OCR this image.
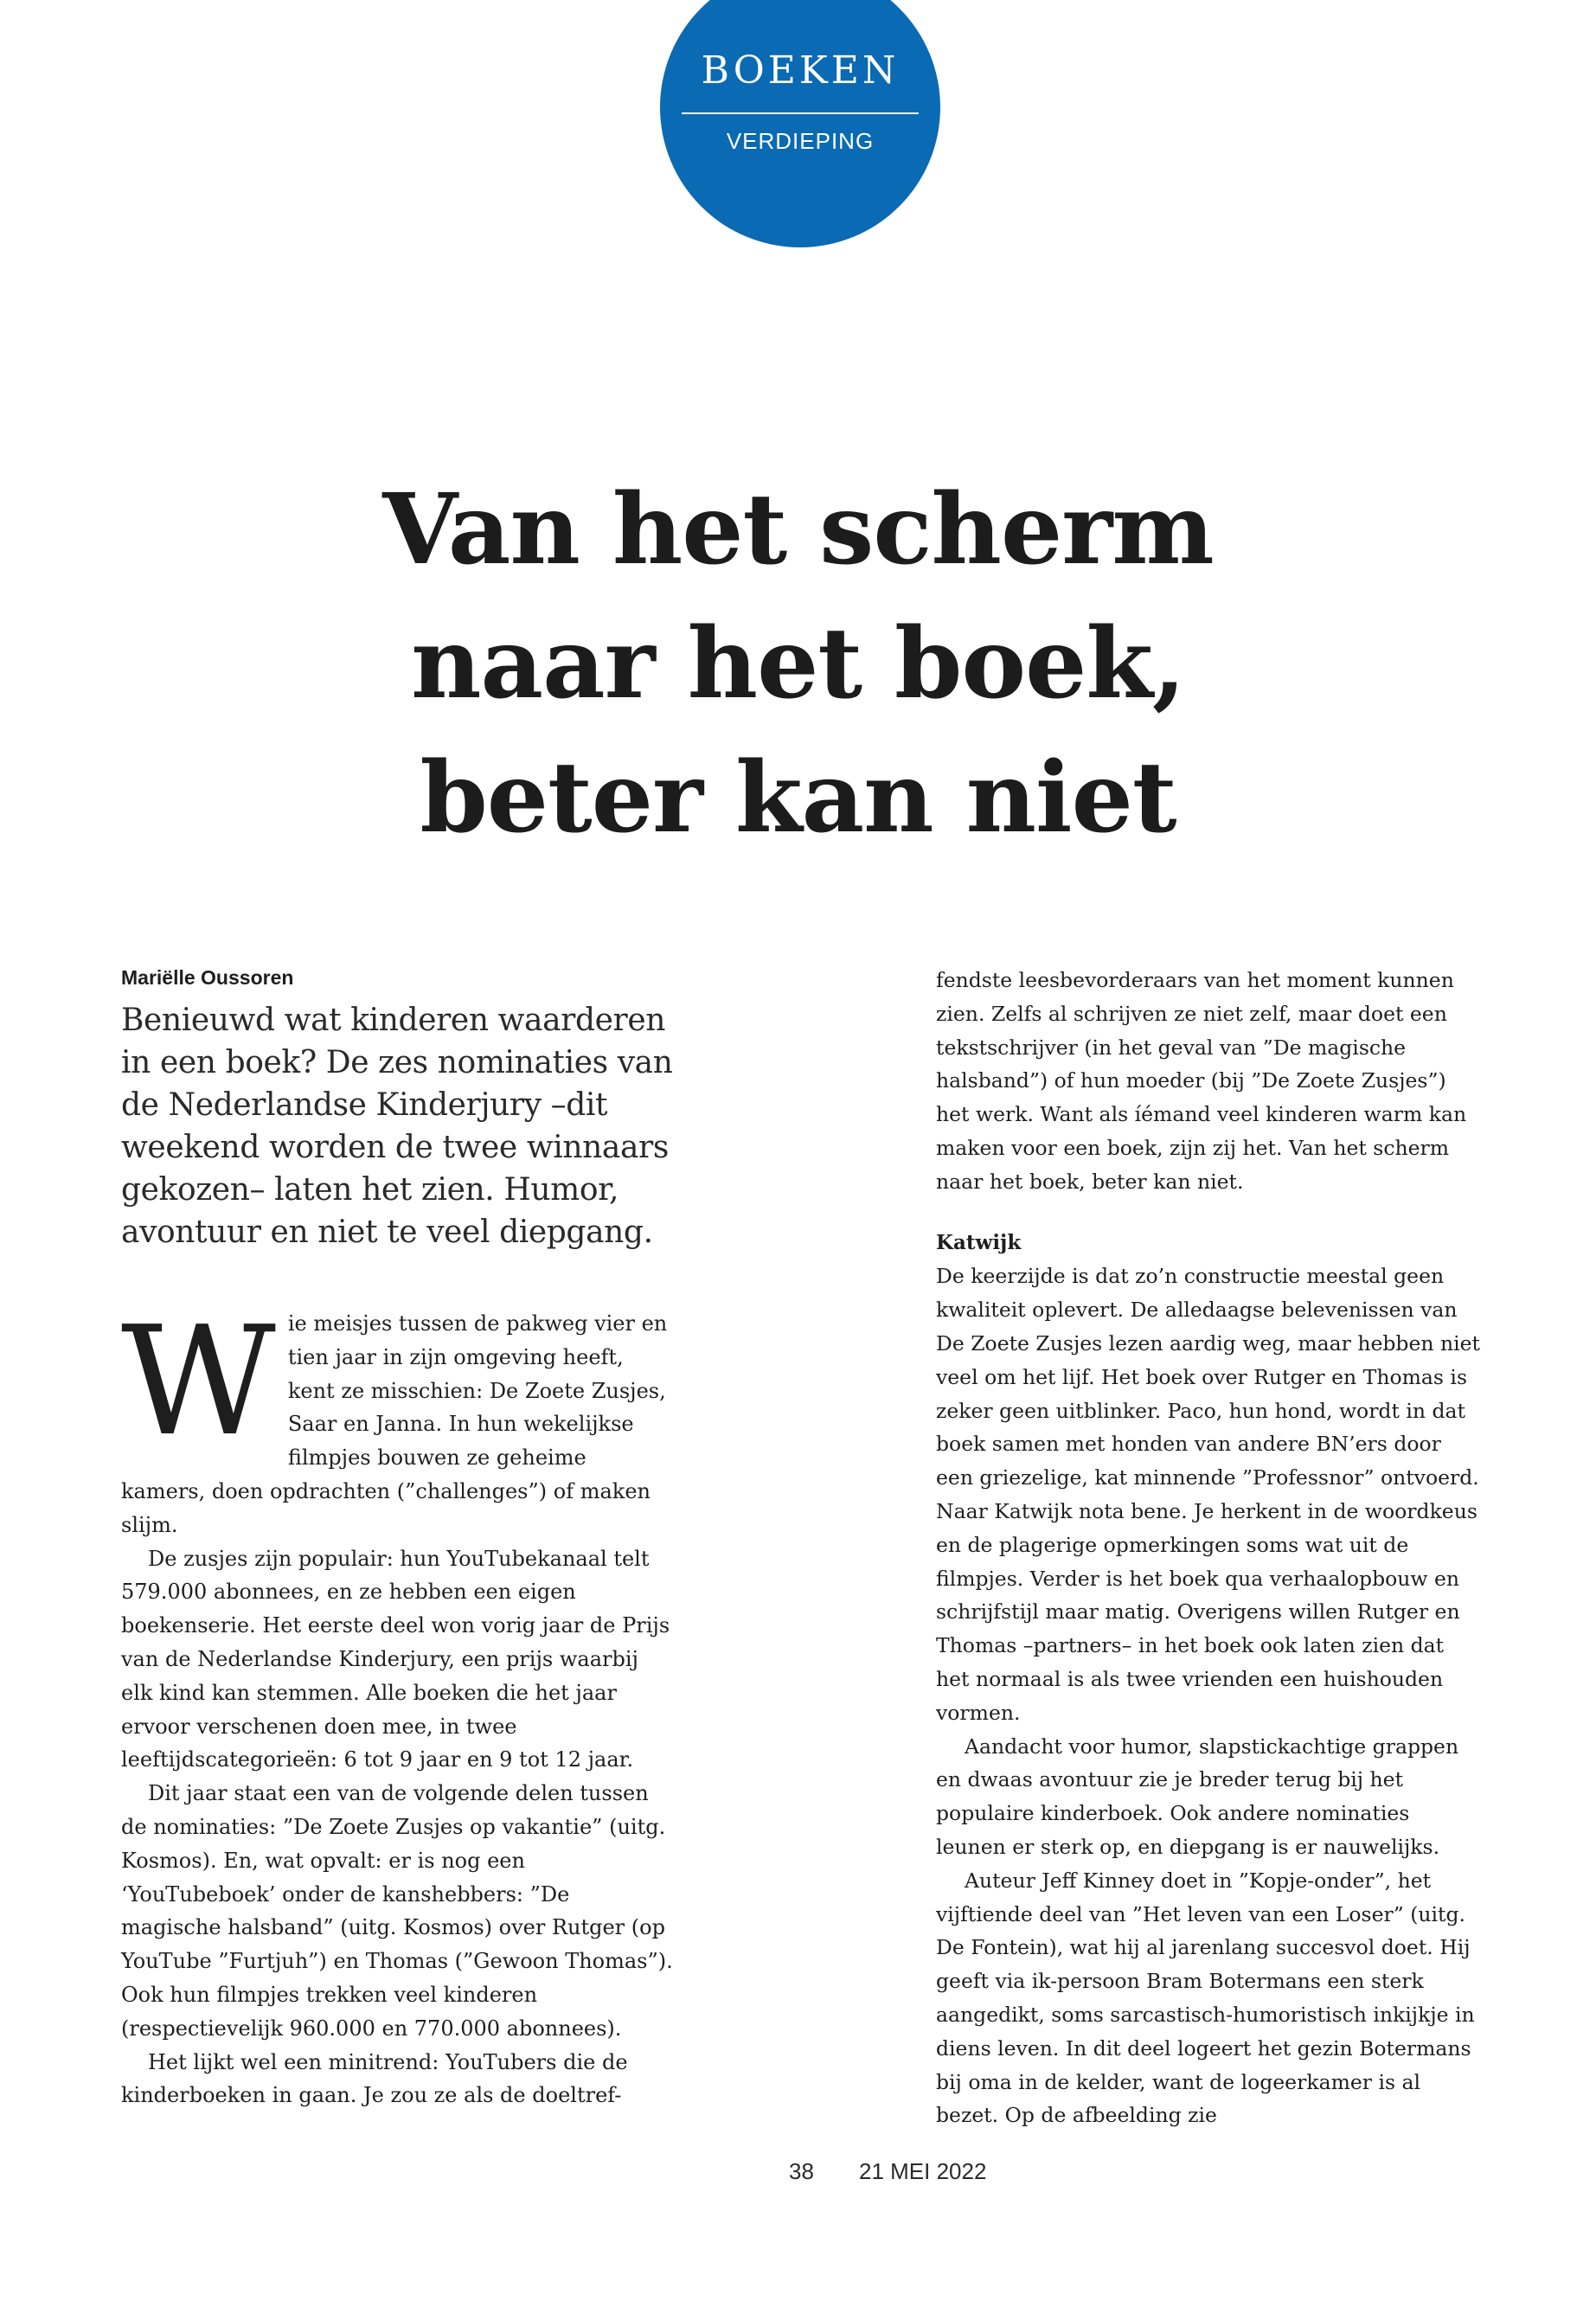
BOEKEN
VERDIEPING
Van het scherm
naar het boek,
beter kan niet
Mariëlle Oussoren
Benieuwd wat kinderen waarderen in een boek? De zes nominaties van de Nederlandse Kinderjury –dit weekend worden de twee winnaars gekozen– laten het zien. Humor, avontuur en niet te veel diepgang.
W ie meisjes tussen de pakweg vier en tien jaar in zijn omgeving heeft, kent ze misschien: De Zoete Zusjes, Saar en Janna. In hun wekelijkse filmpjes bouwen ze geheime kamers, doen opdrachten (”challenges”) of maken slijm.

De zusjes zijn populair: hun YouTubekanaal telt 579.000 abonnees, en ze hebben een eigen boekenserie. Het eerste deel won vorig jaar de Prijs van de Nederlandse Kinderjury, een prijs waarbij elk kind kan stemmen. Alle boeken die het jaar ervoor verschenen doen mee, in twee leeftijdscategorieën: 6 tot 9 jaar en 9 tot 12 jaar.

Dit jaar staat een van de volgende delen tussen de nominaties: ”De Zoete Zusjes op vakantie” (uitg. Kosmos). En, wat opvalt: er is nog een ‘YouTubeboek’ onder de kanshebbers: ”De magische halsband” (uitg. Kosmos) over Rutger (op YouTube ”Furtjuh”) en Thomas (”Gewoon Thomas”). Ook hun filmpjes trekken veel kinderen (respectievelijk 960.000 en 770.000 abonnees).

Het lijkt wel een minitrend: YouTubers die de kinderboeken in gaan. Je zou ze als de doeltref-

fendste leesbevorderaars van het moment kunnen zien. Zelfs al schrijven ze niet zelf, maar doet een tekstschrijver (in het geval van ”De magische halsband”) of hun moeder (bij ”De Zoete Zusjes”) het werk. Want als íémand veel kinderen warm kan maken voor een boek, zijn zij het. Van het scherm naar het boek, beter kan niet.

Katwijk

De keerzijde is dat zo’n constructie meestal geen kwaliteit oplevert. De alledaagse belevenissen van De Zoete Zusjes lezen aardig weg, maar hebben niet veel om het lijf. Het boek over Rutger en Thomas is zeker geen uitblinker. Paco, hun hond, wordt in dat boek samen met honden van andere BN’ers door een griezelige, kat minnende ”Professnor” ontvoerd. Naar Katwijk nota bene. Je herkent in de woordkeus en de plagerige opmerkingen soms wat uit de filmpjes. Verder is het boek qua verhaalopbouw en schrijfstijl maar matig. Overigens willen Rutger en Thomas –partners– in het boek ook laten zien dat het normaal is als twee vrienden een huishouden vormen.

Aandacht voor humor, slapstickachtige grappen en dwaas avontuur zie je breder terug bij het populaire kinderboek. Ook andere nominaties leunen er sterk op, en diepgang is er nauwelijks.

Auteur Jeff Kinney doet in ”Kopje-onder”, het vijftiende deel van ”Het leven van een Loser” (uitg. De Fontein), wat hij al jarenlang succesvol doet. Hij geeft via ik-persoon Bram Botermans een sterk aangedikt, soms sarcastisch-humoristisch inkijkje in diens leven. In dit deel logeert het gezin Botermans bij oma in de kelder, want de logeerkamer is al bezet. Op de afbeelding zie

38 21 MEI 2022
